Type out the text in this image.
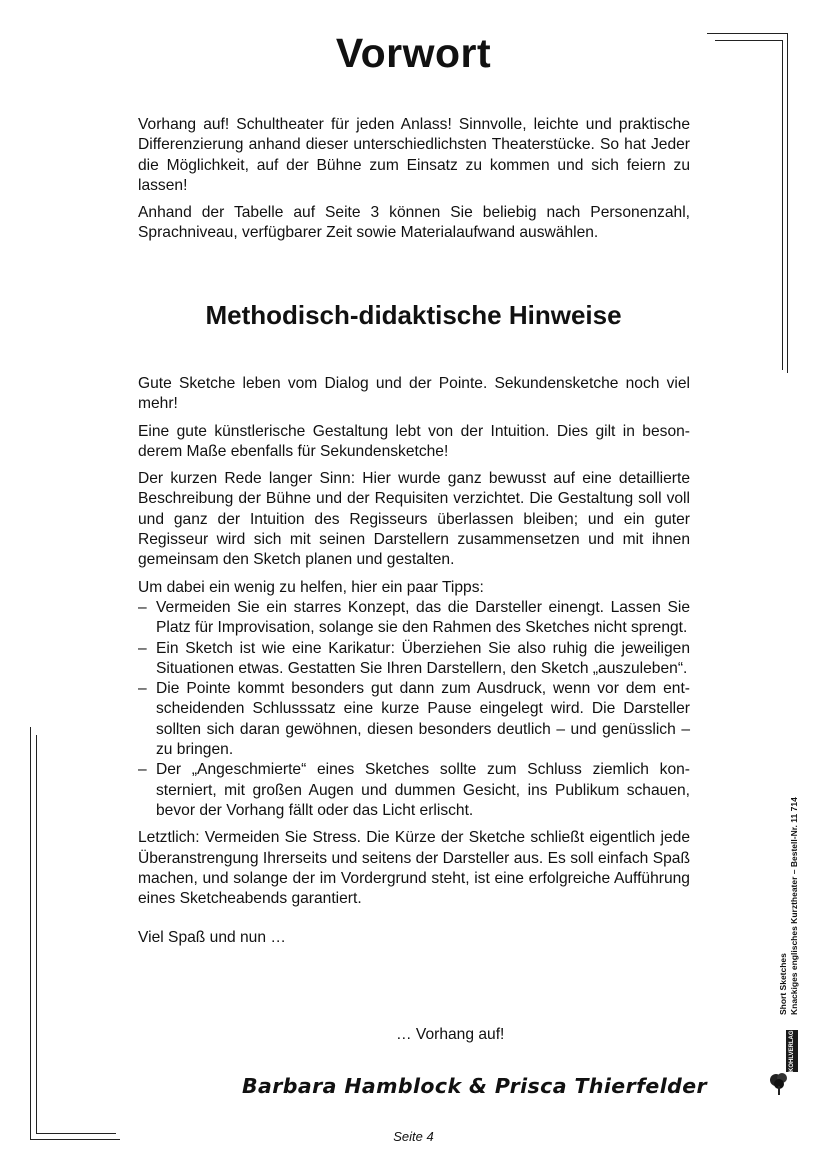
Vorwort

Vorhang auf! Schultheater für jeden Anlass! Sinnvolle, leichte und praktische Differenzierung anhand dieser unterschiedlichsten Theaterstücke. So hat Jeder die Möglichkeit, auf der Bühne zum Einsatz zu kommen und sich feiern zu lassen!

Anhand der Tabelle auf Seite 3 können Sie beliebig nach Personenzahl, Sprachniveau, verfügbarer Zeit sowie Materialaufwand auswählen.

Methodisch-didaktische Hinweise

Gute Sketche leben vom Dialog und der Pointe. Sekundensketche noch viel mehr!

Eine gute künstlerische Gestaltung lebt von der Intuition. Dies gilt in besonderem Maße ebenfalls für Sekundensketche!

Der kurzen Rede langer Sinn: Hier wurde ganz bewusst auf eine detaillierte Beschreibung der Bühne und der Requisiten verzichtet. Die Gestaltung soll voll und ganz der Intuition des Regisseurs überlassen bleiben; und ein guter Regisseur wird sich mit seinen Darstellern zusammensetzen und mit ihnen gemeinsam den Sketch planen und gestalten.

Um dabei ein wenig zu helfen, hier ein paar Tipps:

– Vermeiden Sie ein starres Konzept, das die Darsteller einengt. Lassen Sie Platz für Improvisation, solange sie den Rahmen des Sketches nicht sprengt.
– Ein Sketch ist wie eine Karikatur: Überziehen Sie also ruhig die jeweiligen Situationen etwas. Gestatten Sie Ihren Darstellern, den Sketch „auszuleben“.
– Die Pointe kommt besonders gut dann zum Ausdruck, wenn vor dem entscheidenden Schlusssatz eine kurze Pause eingelegt wird. Die Darsteller sollten sich daran gewöhnen, diesen besonders deutlich – und genüsslich – zu bringen.
– Der „Angeschmierte“ eines Sketches sollte zum Schluss ziemlich konsterniert, mit großen Augen und dummen Gesicht, ins Publikum schauen, bevor der Vorhang fällt oder das Licht erlischt.

Letztlich: Vermeiden Sie Stress. Die Kürze der Sketche schließt eigentlich jede Überanstrengung Ihrerseits und seitens der Darsteller aus. Es soll einfach Spaß machen, und solange der im Vordergrund steht, ist eine erfolgreiche Aufführung eines Sketcheabends garantiert.

Viel Spaß und nun …

… Vorhang auf!

Barbara Hamblock & Prisca Thierfelder

Seite 4
Short Sketches Knackiges englisches Kurztheater – Bestell-Nr. 11 714
KOHLVERLAG
